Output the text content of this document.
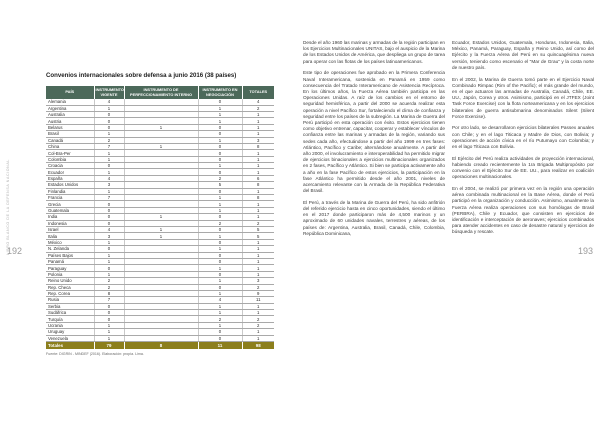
LIBRO BLANCO DE LA DEFENSA NACIONAL
192	193

Convenios internacionales sobre defensa a junio 2016 (38 países)

PAÍS	INSTRUMENTO VIGENTE	INSTRUMENTO DE PERFECCIONAMIENTO INTERNO	INSTRUMENTO EN NEGOCIACIÓN	TOTALES
Alemania	4		0	4
Argentina	1		1	2
Australia	0		1	1
Austria	0		1	1
Belarus	0	1	0	1
Brasil	1		0	1
Canadá	2		1	3
China	7	1	0	8
Col-Bra-Per	1		0	1
Colombia	1		0	1
Croacia	0		1	1
Ecuador	1		0	1
España	4		2	6
Estados Unidos	3		5	8
Finlandia	1		0	1
Francia	7		1	8
Grecia	0		1	1
Guatemala	0		1	1
India	0	1	0	1
Indonesia	0		2	2
Israel	4	1	0	5
Italia	3	1	1	5
México	1		0	1
N. Zelanda	0		1	1
Países Bajos	1		0	1
Panamá	1		0	1
Paraguay	0		1	1
Polonia	1		0	1
Reino Unido	2		1	3
Rep. Checa	2		0	2
Rep. Corea	8		1	9
Rusia	7		4	11
Serbia	0		1	1
Sudáfrica	0		1	1
Turquía	0		2	2
Ucrania	1		1	2
Uruguay	1		0	1
Venezuela	1		0	1
Totales	79	8	11	98

Fuente: DIGRIN - MINDEF (2016). Elaboración: propia. Lima.

Desde el año 1960 las marinas y armadas de la región participan en los Ejercicios Multinacionales UNITAS, bajo el auspicio de la Marina de los Estados Unidos de América, que despliega un grupo de tarea para operar con las flotas de los países latinoamericanos.

Este tipo de operaciones fue aprobado en la Primera Conferencia Naval Interamericana, sostenida en Panamá en 1959 como consecuencia del Tratado Interamericano de Asistencia Recíproca. En los últimos años, la Fuerza Aérea también participa en las Operaciones Unidas. A raíz de los cambios en el entorno de seguridad hemisférica, a partir del 2000 se acuerda realizar esta operación a nivel Pacífico Sur, fortaleciendo el clima de confianza y seguridad entre los países de la subregión. La Marina de Guerra del Perú participó en esta operación con éxito. Estos ejercicios tienen como objetivo entrenar, capacitar, cooperar y establecer vínculos de confianza entre las marinas y armadas de la región, variando sus sedes cada año, efectuándose a partir del año 1999 en tres fases: Atlántico, Pacífico y Caribe; alternándose anualmente. A partir del año 2000, el involucramiento e interoperabilidad ha permitido migrar de ejercicios binacionales a ejercicios multinacionales organizados en 2 fases, Pacífico y Atlántico. Si bien se participa activamente año a año en la fase Pacífico de estos ejercicios, la participación en la fase Atlántico ha permitido desde el año 2001, niveles de acercamiento relevante con la Armada de la República Federativa del Brasil.

El Perú, a través de la Marina de Guerra del Perú, ha sido anfitrión del referido ejercicio hasta en cinco oportunidades, siendo el último en el 2017 donde participaron más de 4,500 marinos y un aproximado de 60 unidades navales, terrestres y aéreas, de los países de: Argentina, Australia, Brasil, Canadá, Chile, Colombia, República Dominicana,

Ecuador, Estados Unidos, Guatemala, Honduras, Indonesia, Italia, México, Panamá, Paraguay, España y Reino Unido, así como del Ejército y la Fuerza Aérea del Perú en su quincuagésima nueva versión, teniendo como escenario el "Mar de Grau" y la costa norte de nuestro país.

En el 2002, la Marina de Guerra tomó parte en el Ejercicio Naval Combinado Rimpac (Rim of the Pacific); el más grande del mundo, en el que actuaron las armadas de Australia, Canadá, Chile, EE. UU., Japón, Corea y otros. Asimismo, participó en el JTFEX (Joint Task Force Exercise) con la flota norteamericana y en los ejercicios bilaterales de guerra antisubmarina denominados Silent (Silent Force Exercise).

Por otro lado, se desarrollaron ejercicios bilaterales Passex anuales con Chile; y en el lago Titicaca y Madre de Dios, con Bolivia; y operaciones de acción cívica en el río Putumayo con Colombia; y en el lago Titicaca con Bolivia.

El Ejército del Perú realiza actividades de proyección internacional, habiendo creado recientemente la 1ra Brigada Multipropósito por convenio con el Ejército Sur de EE. UU., para realizar en coalición operaciones multinacionales.

En el 2004, se realizó por primera vez en la región una operación aérea combinada multinacional en la Base Aérea, donde el Perú participó en la organización y conducción. Asimismo, anualmente la Fuerza Aérea realiza operaciones con sus homólogas de Brasil (PERBRA), Chile y Ecuador, que consisten en ejercicios de identificación e interceptación de aeronaves; ejercicios combinados para atender accidentes en caso de desastre natural y ejercicios de búsqueda y rescate.
